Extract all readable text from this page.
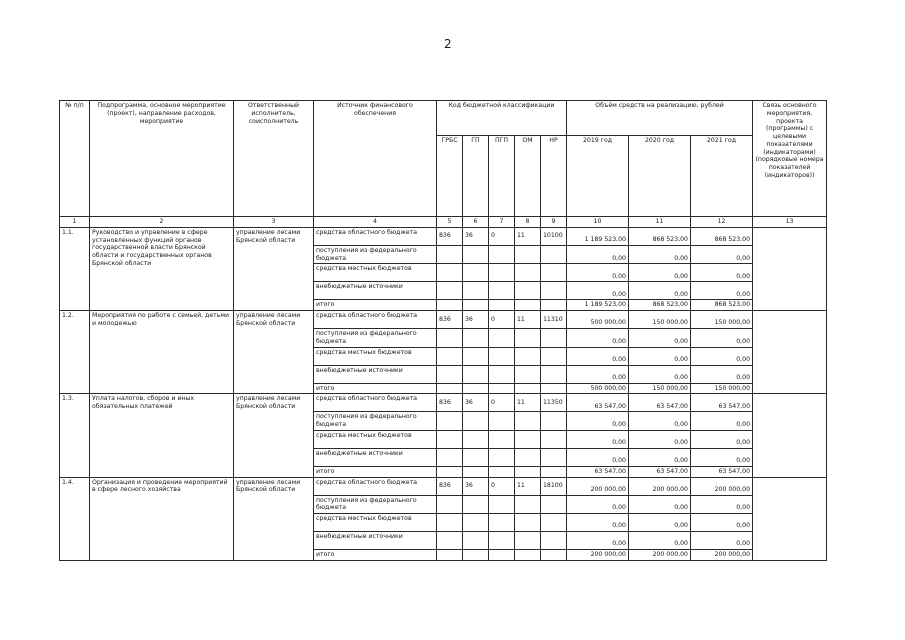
2
№ п/п	Подпрограмма, основное мероприятие (проект), направление расходов, мероприятие	Ответственный исполнитель, соисполнитель	Источник финансового обеспечения	Код бюджетной классификации					Объём средств на реализацию, рублей			Связь основного мероприятия, проекта (программы) с целевыми показателями (индикаторами) (порядковые номера показателей (индикаторов))
				ГРБС	ГП	ПГП	ОМ	НР	2019 год	2020 год	2021 год	
1	2	3	4	5	6	7	8	9	10	11	12	13
1.1.	Руководство и управление в сфере установленных функций органов государственной власти Брянской области и государственных органов Брянской области	управление лесами Брянской области	средства областного бюджета	836	36	0	11	10100	1 189 523,00	868 523,00	868 523,00	
			поступления из федерального бюджета						0,00	0,00	0,00	
			средства местных бюджетов						0,00	0,00	0,00	
			внебюджетные источники						0,00	0,00	0,00	
			итого						1 189 523,00	868 523,00	868 523,00	
1.2.	Мероприятия по работе с семьей, детьми и молодежью	управление лесами Брянской области	средства областного бюджета	836	36	0	11	11310	500 000,00	150 000,00	150 000,00	
			поступления из федерального бюджета						0,00	0,00	0,00	
			средства местных бюджетов						0,00	0,00	0,00	
			внебюджетные источники						0,00	0,00	0,00	
			итого						500 000,00	150 000,00	150 000,00	
1.3.	Уплата налогов, сборов и иных обязательных платежей	управление лесами Брянской области	средства областного бюджета	836	36	0	11	11350	63 547,00	63 547,00	63 547,00	
			поступления из федерального бюджета						0,00	0,00	0,00	
			средства местных бюджетов						0,00	0,00	0,00	
			внебюджетные источники						0,00	0,00	0,00	
			итого						63 547,00	63 547,00	63 547,00	
1.4.	Организация и проведение мероприятий в сфере лесного хозяйства	управление лесами Брянской области	средства областного бюджета	836	36	0	11	18100	200 000,00	200 000,00	200 000,00	
			поступления из федерального бюджета						0,00	0,00	0,00	
			средства местных бюджетов						0,00	0,00	0,00	
			внебюджетные источники						0,00	0,00	0,00	
			итого						200 000,00	200 000,00	200 000,00	
